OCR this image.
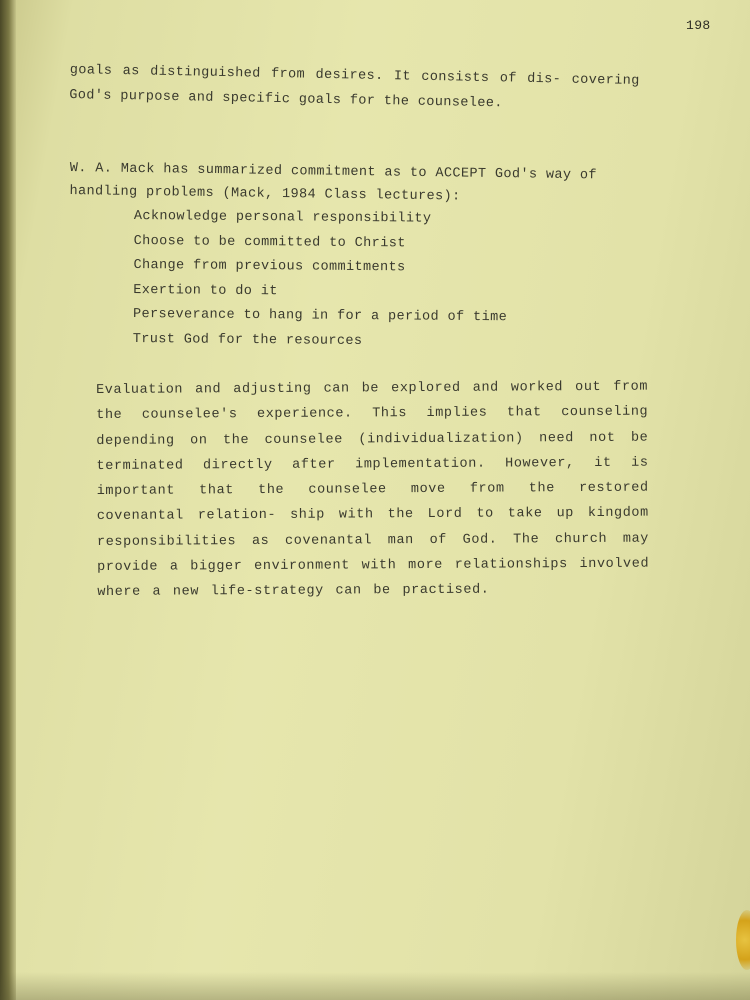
198

goals as distinguished from desires. It consists of dis- covering God's purpose and specific goals for the counselee.

W. A. Mack has summarized commitment as to ACCEPT God's way of handling problems (Mack, 1984 Class lectures):

Acknowledge personal responsibility
Choose to be committed to Christ
Change from previous commitments
Exertion to do it
Perseverance to hang in for a period of time
Trust God for the resources

Evaluation and adjusting can be explored and worked out from the counselee's experience. This implies that counseling depending on the counselee (individualization) need not be terminated directly after implementation. However, it is important that the counselee move from the restored covenantal relation- ship with the Lord to take up kingdom responsibilities as covenantal man of God. The church may provide a bigger environment with more relationships involved where a new life-strategy can be practised.
